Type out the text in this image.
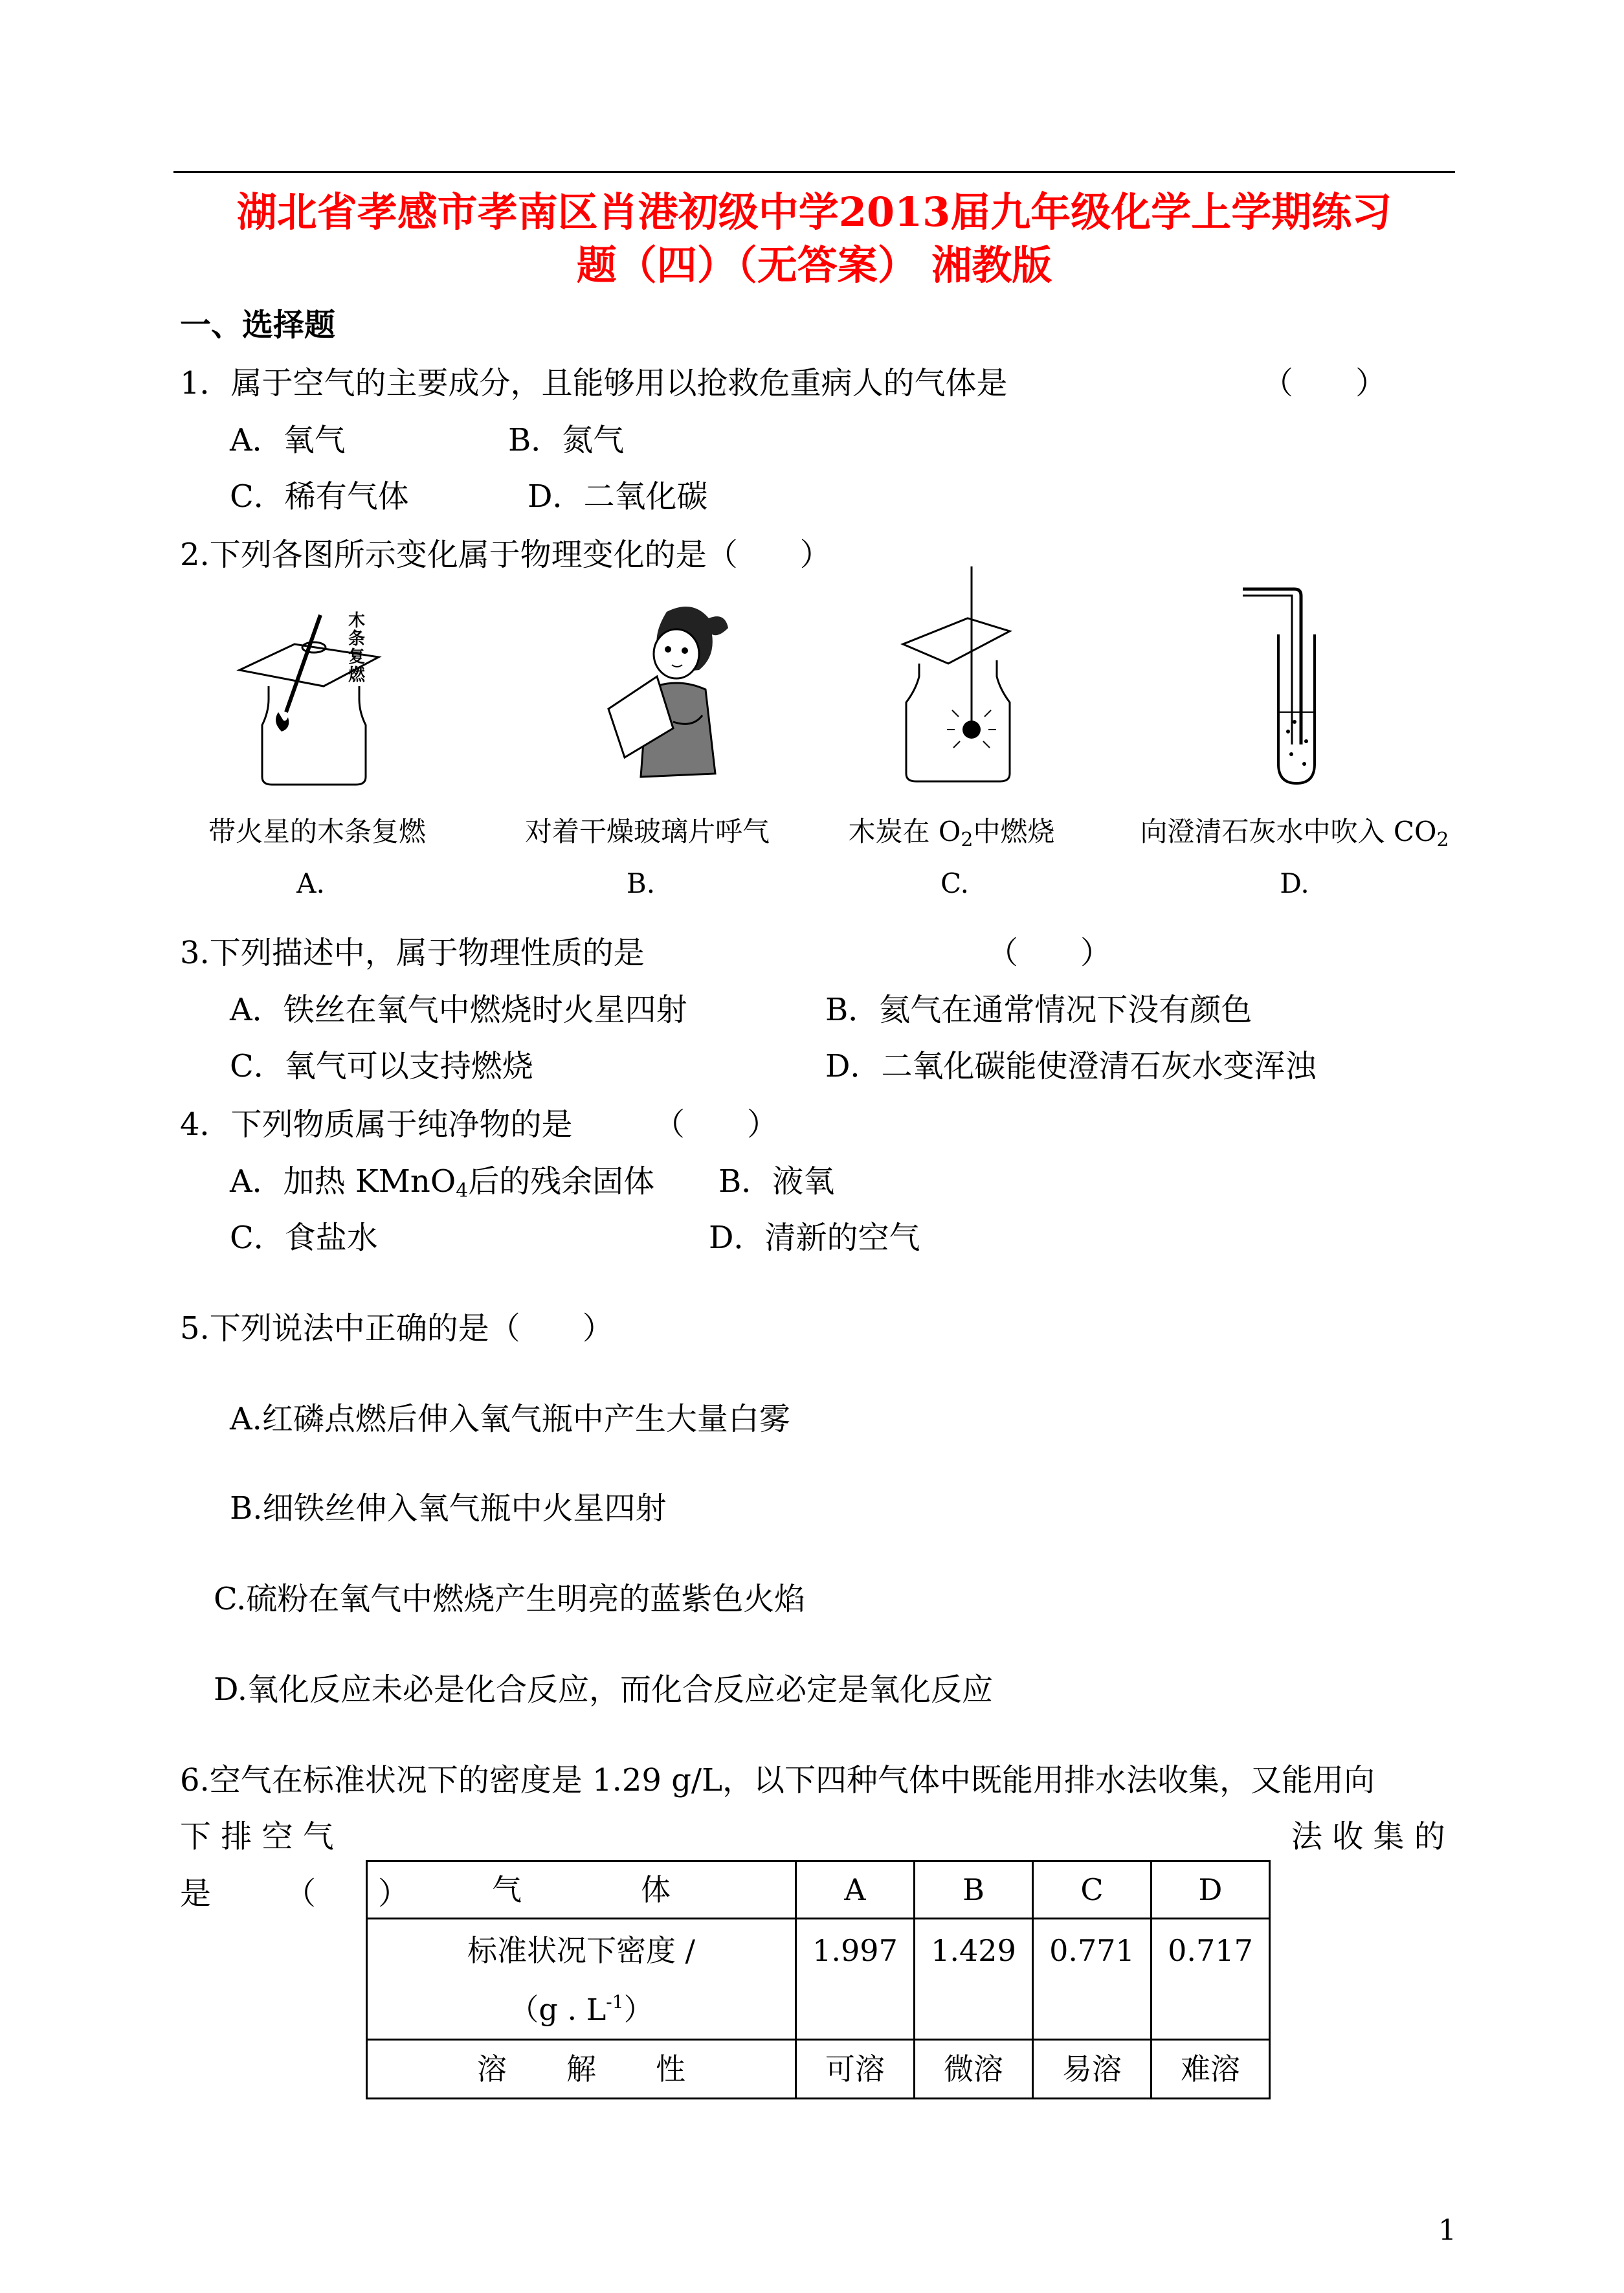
湖北省孝感市孝南区肖港初级中学2013届九年级化学上学期练习
题（四）（无答案） 湘教版
一、选择题
1．属于空气的主要成分，且能够用以抢救危重病人的气体是	（　　）
A．氧气	B．氮气
C．稀有气体	D．二氧化碳
2.下列各图所示变化属于物理变化的是（　　）
木条复燃
带火星的木条复燃	对着干燥玻璃片呼气	木炭在 $O_2$中燃烧	向澄清石灰水中吹入 $CO_2$
A.	B.	C.	D.
3.下列描述中，属于物理性质的是	（　　）
A．铁丝在氧气中燃烧时火星四射	B．氦气在通常情况下没有颜色
C．氧气可以支持燃烧	D．二氧化碳能使澄清石灰水变浑浊
4．下列物质属于纯净物的是	（　　）
A．加热 KMnO$_4$后的残余固体 B．液氧
C．食盐水	D．清新的空气
5.下列说法中正确的是（　　）
A.红磷点燃后伸入氧气瓶中产生大量白雾
B.细铁丝伸入氧气瓶中火星四射
C.硫粉在氧气中燃烧产生明亮的蓝紫色火焰
D.氧化反应未必是化合反应，而化合反应必定是氧化反应
6.空气在标准状况下的密度是 1.29 g/L，以下四种气体中既能用排水法收集，又能用向
下 排 空 气	法 收 集 的
是 （　　）	气　　　　体	A	B	C	D

标准状况下密度 /
（g . $L^{-1}$）	1.997	1.429	0.771	0.717
溶　　解　　性	可溶	微溶	易溶	难溶
1
